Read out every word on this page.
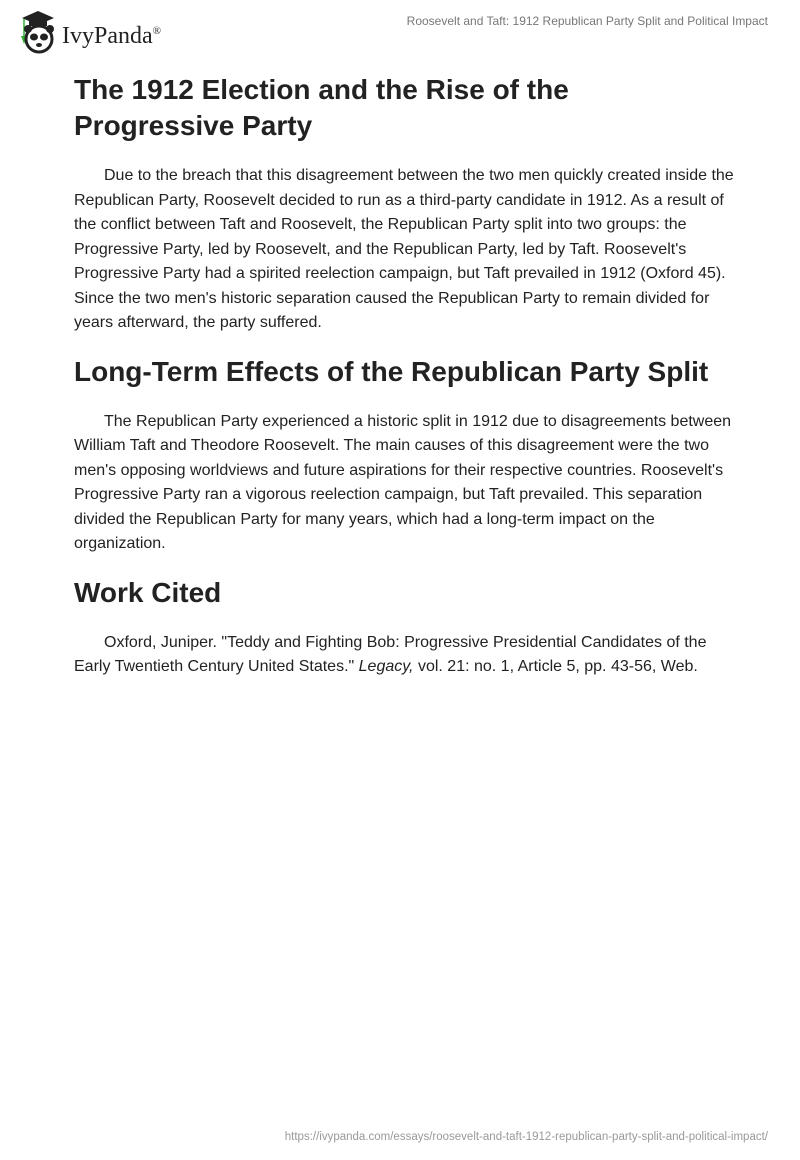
IvyPanda®
Roosevelt and Taft: 1912 Republican Party Split and Political Impact
The 1912 Election and the Rise of the Progressive Party

Due to the breach that this disagreement between the two men quickly created inside the Republican Party, Roosevelt decided to run as a third-party candidate in 1912. As a result of the conflict between Taft and Roosevelt, the Republican Party split into two groups: the Progressive Party, led by Roosevelt, and the Republican Party, led by Taft. Roosevelt's Progressive Party had a spirited reelection campaign, but Taft prevailed in 1912 (Oxford 45). Since the two men's historic separation caused the Republican Party to remain divided for years afterward, the party suffered.

Long-Term Effects of the Republican Party Split

The Republican Party experienced a historic split in 1912 due to disagreements between William Taft and Theodore Roosevelt. The main causes of this disagreement were the two men's opposing worldviews and future aspirations for their respective countries. Roosevelt's Progressive Party ran a vigorous reelection campaign, but Taft prevailed. This separation divided the Republican Party for many years, which had a long-term impact on the organization.

Work Cited

Oxford, Juniper. "Teddy and Fighting Bob: Progressive Presidential Candidates of the Early Twentieth Century United States." Legacy, vol. 21: no. 1, Article 5, pp. 43-56, Web.

https://ivypanda.com/essays/roosevelt-and-taft-1912-republican-party-split-and-political-impact/
